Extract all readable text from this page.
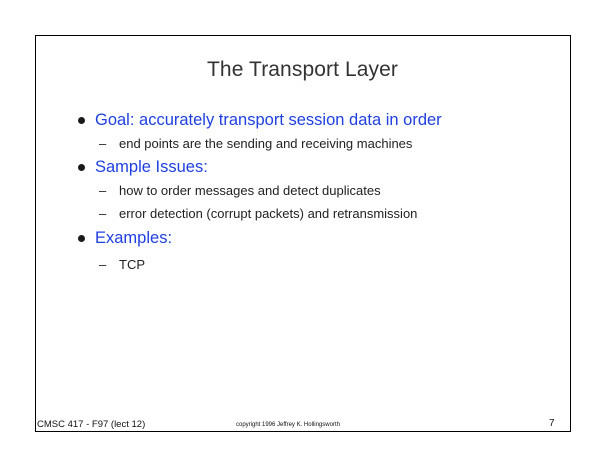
The Transport Layer
Goal: accurately transport session data in order
– end points are the sending and receiving machines
Sample Issues:
– how to order messages and detect duplicates
– error detection (corrupt packets) and retransmission
Examples:
– TCP
CMSC 417 - F97 (lect 12)	copyright 1996 Jeffrey K. Hollingsworth	7
